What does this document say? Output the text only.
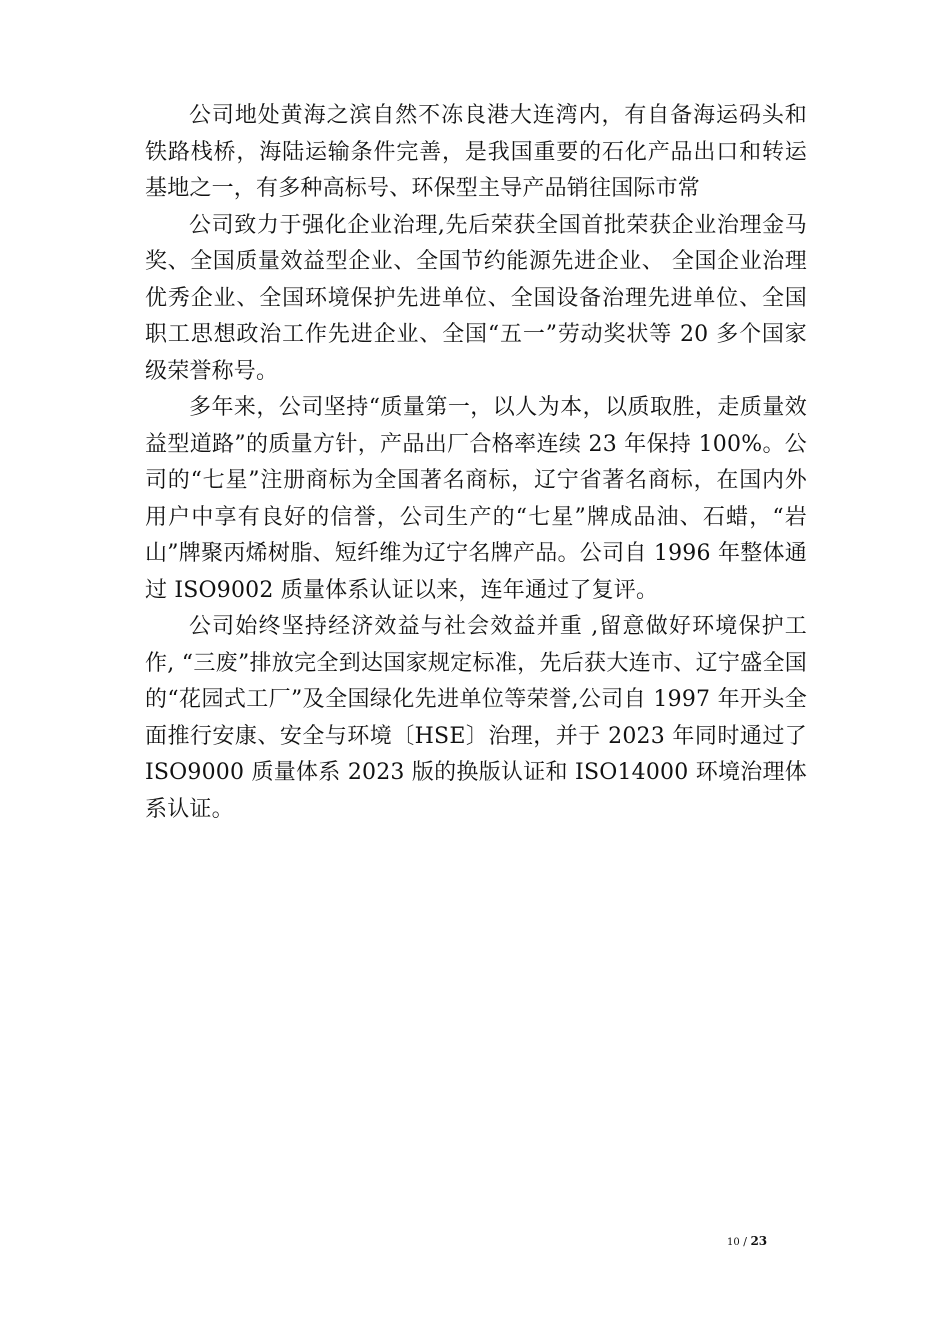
公司地处黄海之滨自然不冻良港大连湾内，有自备海运码头和铁路栈桥，海陆运输条件完善，是我国重要的石化产品出口和转运基地之一，有多种高标号、环保型主导产品销往国际市常

公司致力于强化企业治理,先后荣获全国首批荣获企业治理金马奖、全国质量效益型企业、全国节约能源先进企业、 全国企业治理优秀企业、全国环境保护先进单位、全国设备治理先进单位、全国职工思想政治工作先进企业、全国“五一”劳动奖状等 20 多个国家级荣誉称号。

多年来，公司坚持“质量第一，以人为本，以质取胜，走质量效益型道路”的质量方针，产品出厂合格率连续 23 年保持 100%。公司的“七星”注册商标为全国著名商标，辽宁省著名商标，在国内外用户中享有良好的信誉，公司生产的“七星”牌成品油、石蜡，“岩山”牌聚丙烯树脂、短纤维为辽宁名牌产品。公司自 1996 年整体通过 ISO9002 质量体系认证以来，连年通过了复评。

公司始终坚持经济效益与社会效益并重 ,留意做好环境保护工作, “三废”排放完全到达国家规定标准，先后获大连市、辽宁盛全国的“花园式工厂”及全国绿化先进单位等荣誉,公司自 1997 年开头全面推行安康、安全与环境〔HSE〕治理，并于 2023 年同时通过了 ISO9000 质量体系 2023 版的换版认证和 ISO14000 环境治理体系认证。

10 / 23
